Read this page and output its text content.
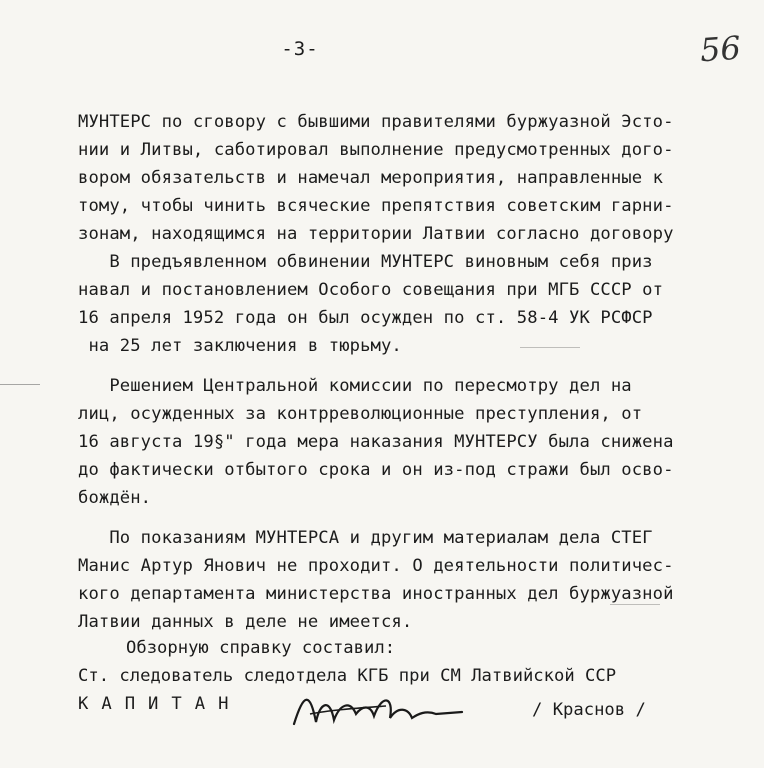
-3-	56
МУНТЕРС по сговору с бывшими правителями буржуазной Эсто-
нии и Литвы, саботировал выполнение предусмотренных дого-
вором обязательств и намечал мероприятия, направленные к
тому, чтобы чинить всяческие препятствия советским гарни-
зонам, находящимся на территории Латвии согласно договору
В предъявленном обвинении МУНТЕРС виновным себя приз
навал и постановлением Особого совещания при МГБ СССР от
16 апреля 1952 года он был осужден по ст. 58-4 УК РСФСР
на 25 лет заключения в тюрьму.
Решением Центральной комиссии по пересмотру дел на
лиц, осужденных за контрреволюционные преступления, от
16 августа 19§" года мера наказания МУНТЕРСУ была снижена
до фактически отбытого срока и он из-под стражи был осво-
бождён.
По показаниям МУНТЕРСА и другим материалам дела СТЕГ
Манис Артур Янович не проходит. О деятельности политичес-
кого департамента министерства иностранных дел буржуазной
Латвии данных в деле не имеется.
Обзорную справку составил:
Ст. следователь следотдела КГБ при СМ Латвийской ССР
КАПИТАН	/ Краснов /
